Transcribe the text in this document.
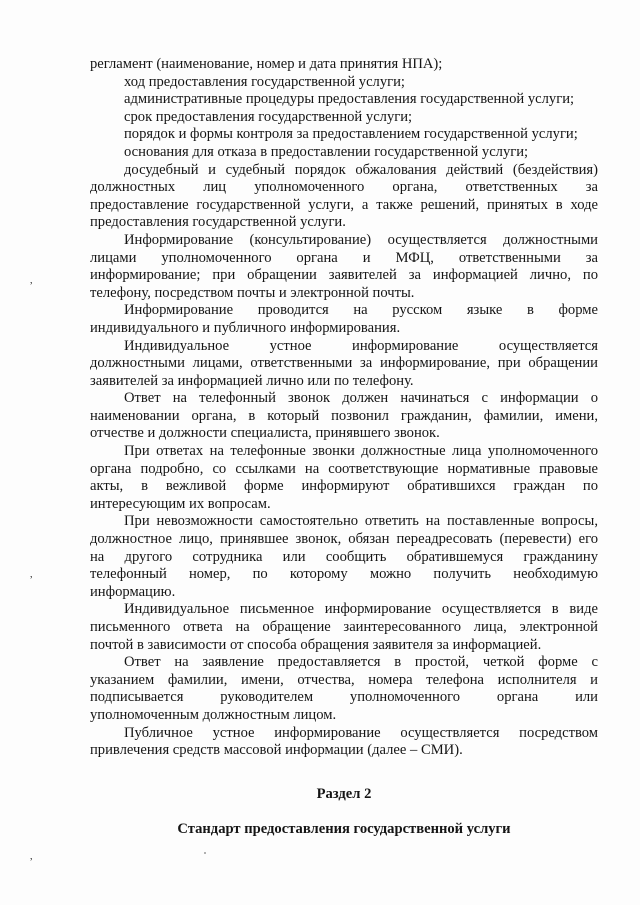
регламент (наименование, номер и дата принятия НПА);
ход предоставления государственной услуги;
административные процедуры предоставления государственной услуги;
срок предоставления государственной услуги;
порядок и формы контроля за предоставлением государственной услуги;
основания для отказа в предоставлении государственной услуги;
досудебный и судебный порядок обжалования действий (бездействия)
должностных лиц уполномоченного органа, ответственных за
предоставление государственной услуги, а также решений, принятых в ходе
предоставления государственной услуги.
Информирование (консультирование) осуществляется должностными
лицами уполномоченного органа и МФЦ, ответственными за
информирование; при обращении заявителей за информацией лично, по
телефону, посредством почты и электронной почты.
Информирование проводится на русском языке в форме
индивидуального и публичного информирования.
Индивидуальное устное информирование осуществляется
должностными лицами, ответственными за информирование, при обращении
заявителей за информацией лично или по телефону.
Ответ на телефонный звонок должен начинаться с информации о
наименовании органа, в который позвонил гражданин, фамилии, имени,
отчестве и должности специалиста, принявшего звонок.
При ответах на телефонные звонки должностные лица уполномоченного
органа подробно, со ссылками на соответствующие нормативные правовые
акты, в вежливой форме информируют обратившихся граждан по
интересующим их вопросам.
При невозможности самостоятельно ответить на поставленные вопросы,
должностное лицо, принявшее звонок, обязан переадресовать (перевести) его
на другого сотрудника или сообщить обратившемуся гражданину
телефонный номер, по которому можно получить необходимую
информацию.
Индивидуальное письменное информирование осуществляется в виде
письменного ответа на обращение заинтересованного лица, электронной
почтой в зависимости от способа обращения заявителя за информацией.
Ответ на заявление предоставляется в простой, четкой форме с
указанием фамилии, имени, отчества, номера телефона исполнителя и
подписывается руководителем уполномоченного органа или
уполномоченным должностным лицом.
Публичное устное информирование осуществляется посредством
привлечения средств массовой информации (далее – СМИ).
Раздел 2
Стандарт предоставления государственной услуги
,
,
,
